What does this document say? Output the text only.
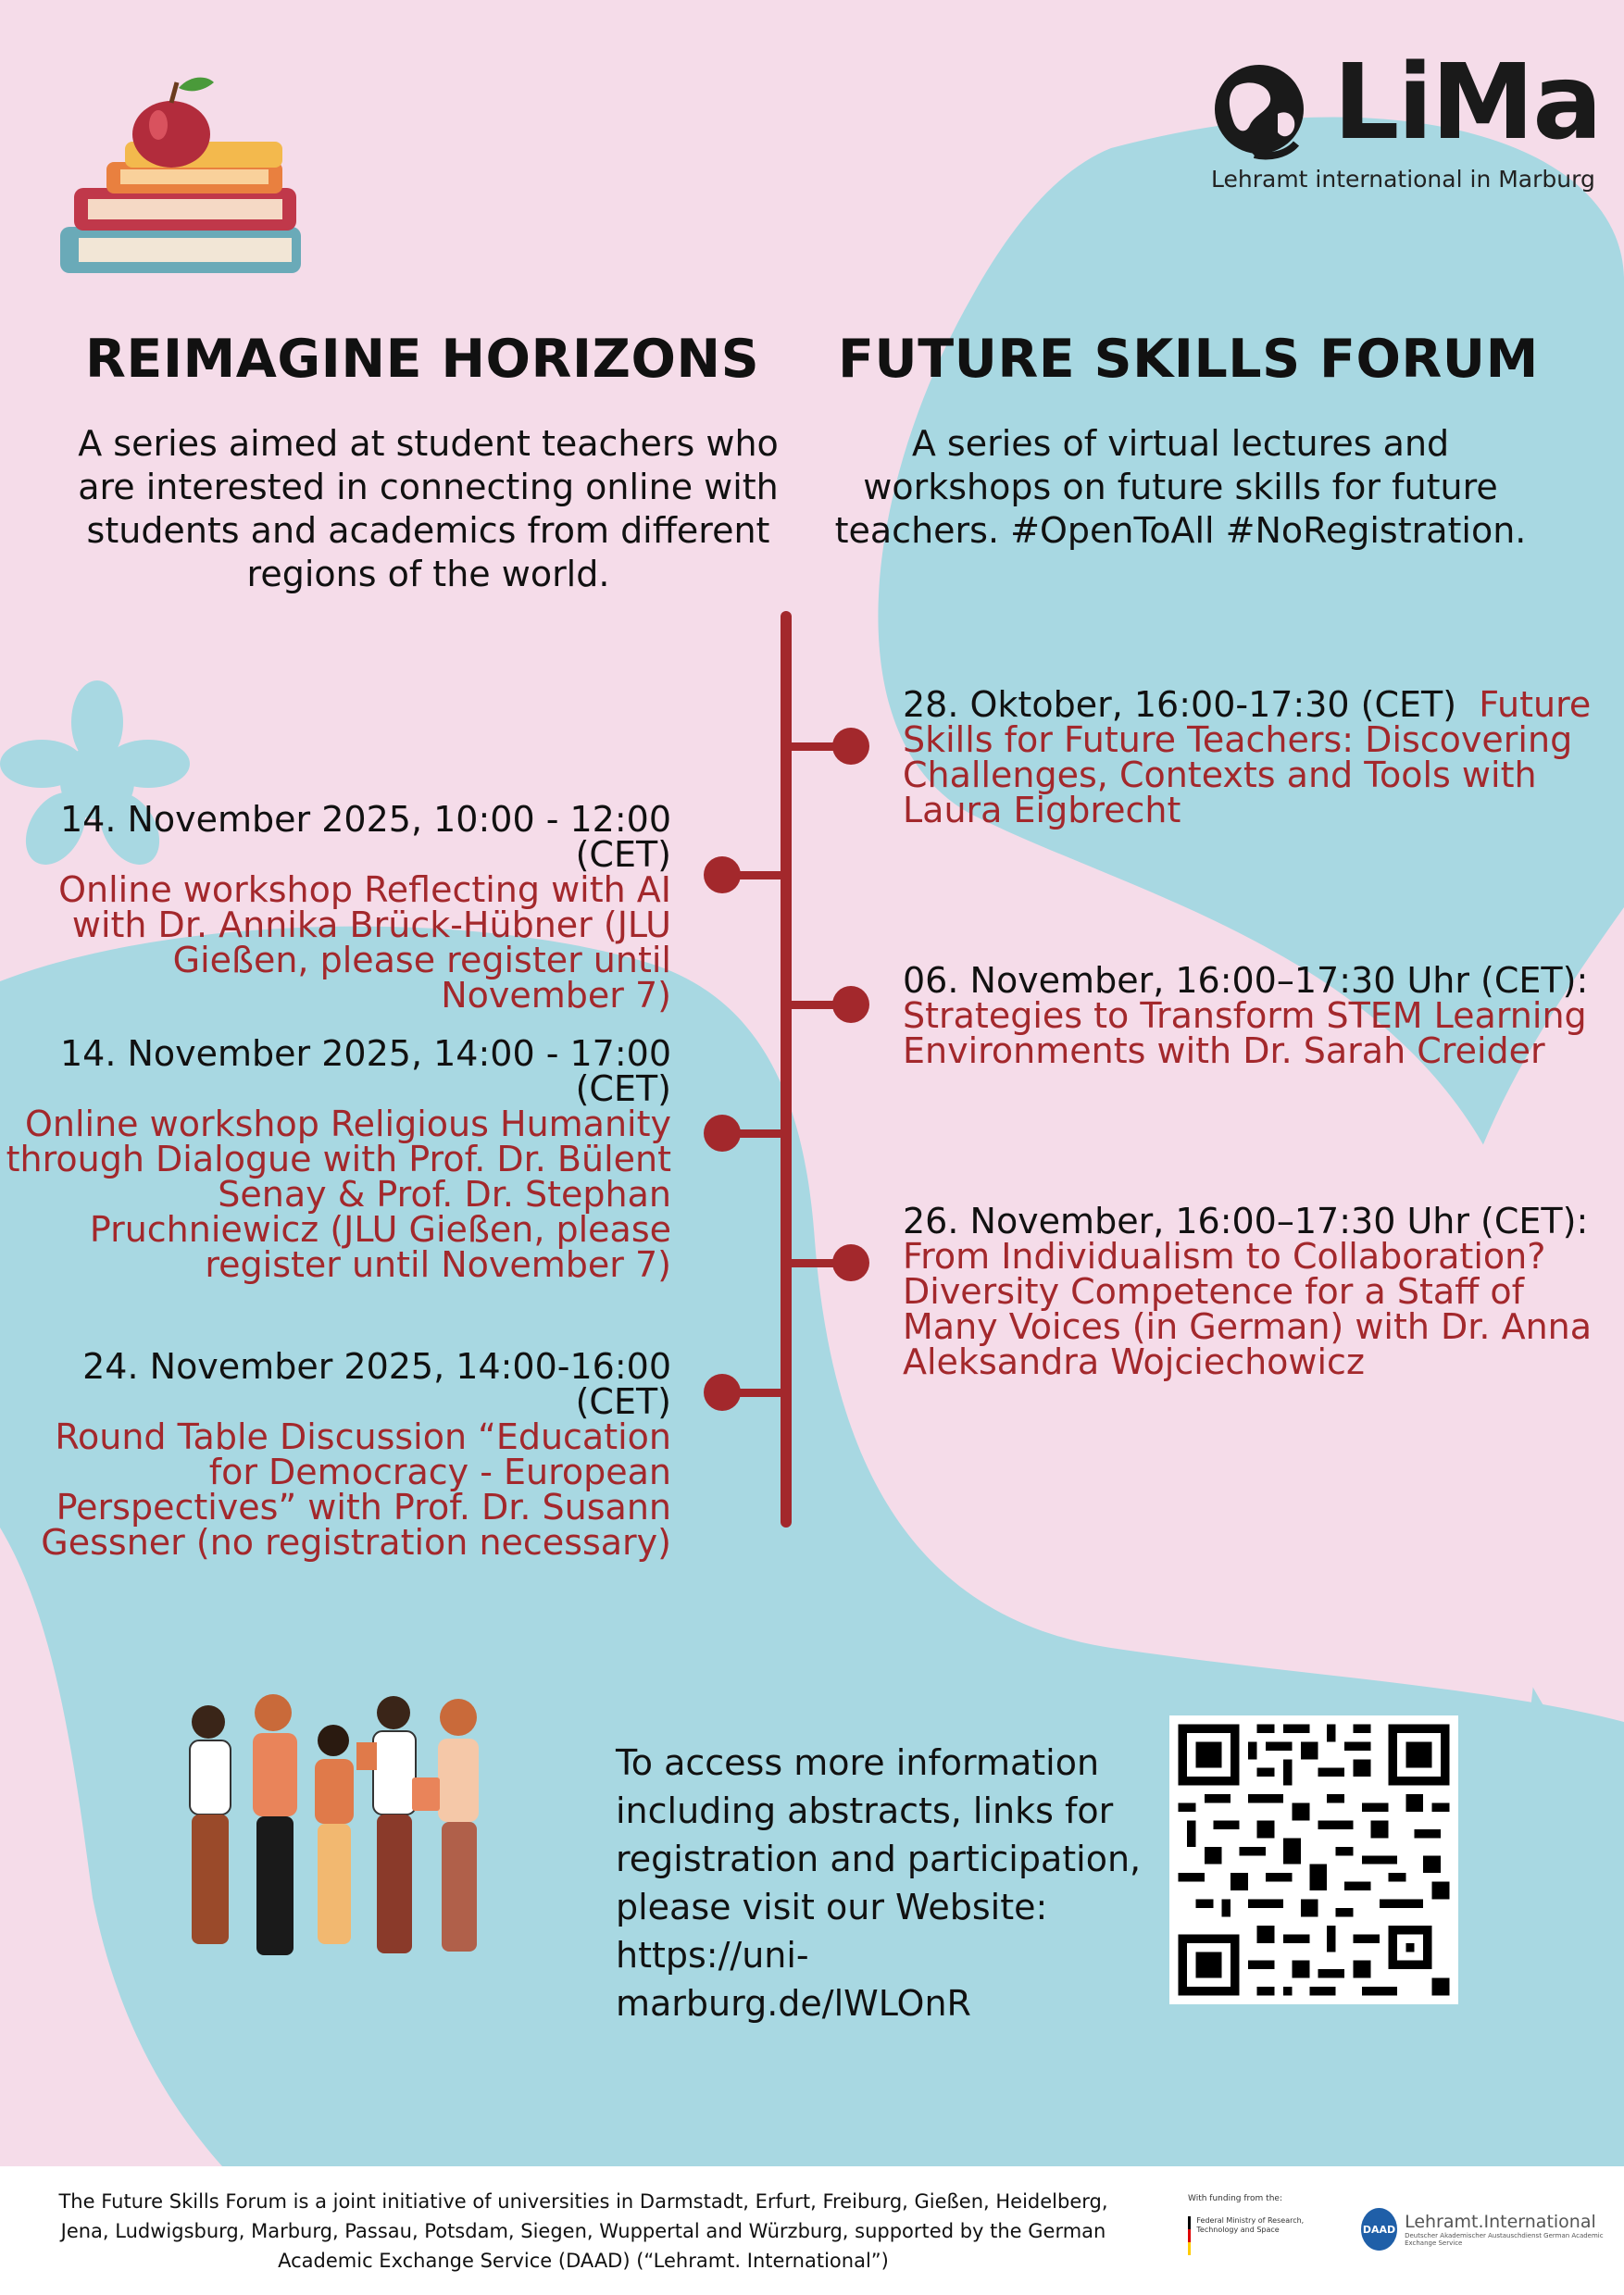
LiMa
Lehramt international in Marburg
REIMAGINE HORIZONS FUTURE SKILLS FORUM
A series aimed at student teachers who are interested in connecting online with students and academics from different regions of the world.
A series of virtual lectures and workshops on future skills for future teachers. #OpenToAll #NoRegistration.
14. November 2025, 10:00 - 12:00 (CET)
Online workshop Reflecting with AI with Dr. Annika Brück-Hübner (JLU Gießen, please register until November 7)
14. November 2025, 14:00 - 17:00 (CET)
Online workshop Religious Humanity through Dialogue with Prof. Dr. Bülent Senay & Prof. Dr. Stephan Pruchniewicz (JLU Gießen, please register until November 7)
24. November 2025, 14:00-16:00 (CET)
Round Table Discussion “Education for Democracy - European Perspectives” with Prof. Dr. Susann Gessner (no registration necessary)
28. Oktober, 16:00-17:30 (CET) Future Skills for Future Teachers: Discovering Challenges, Contexts and Tools with Laura Eigbrecht
06. November, 16:00–17:30 Uhr (CET):
Strategies to Transform STEM Learning Environments with Dr. Sarah Creider
26. November, 16:00–17:30 Uhr (CET):
From Individualism to Collaboration? Diversity Competence for a Staff of Many Voices (in German) with Dr. Anna Aleksandra Wojciechowicz
To access more information
including abstracts, links for
registration and participation,
please visit our Website:
https://uni-marburg.de/lWLOnR
The Future Skills Forum is a joint initiative of universities in Darmstadt, Erfurt, Freiburg, Gießen, Heidelberg, Jena, Ludwigsburg, Marburg, Passau, Potsdam, Siegen, Wuppertal and Würzburg, supported by the German Academic Exchange Service (DAAD) (“Lehramt. International”)
With funding from the:
Federal Ministry of Research, Technology and Space	DAAD Lehramt.International
Deutscher Akademischer Austauschdienst German Academic Exchange Service
